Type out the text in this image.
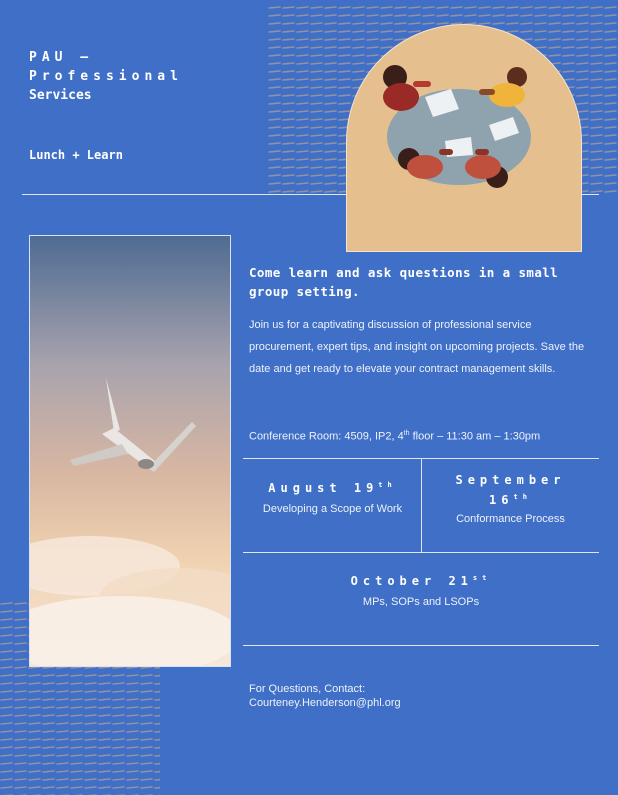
PAU –
Professional
Services
Lunch + Learn
Come learn and ask questions in a small group setting.
Join us for a captivating discussion of professional service procurement, expert tips, and insight on upcoming projects. Save the date and get ready to elevate your contract management skills.
Conference Room: 4509, IP2, 4th floor – 11:30 am – 1:30pm
August 19th
Developing a Scope of Work
September
16th
Conformance Process
October 21st
MPs, SOPs and LSOPs
For Questions, Contact:
Courteney.Henderson@phl.org
